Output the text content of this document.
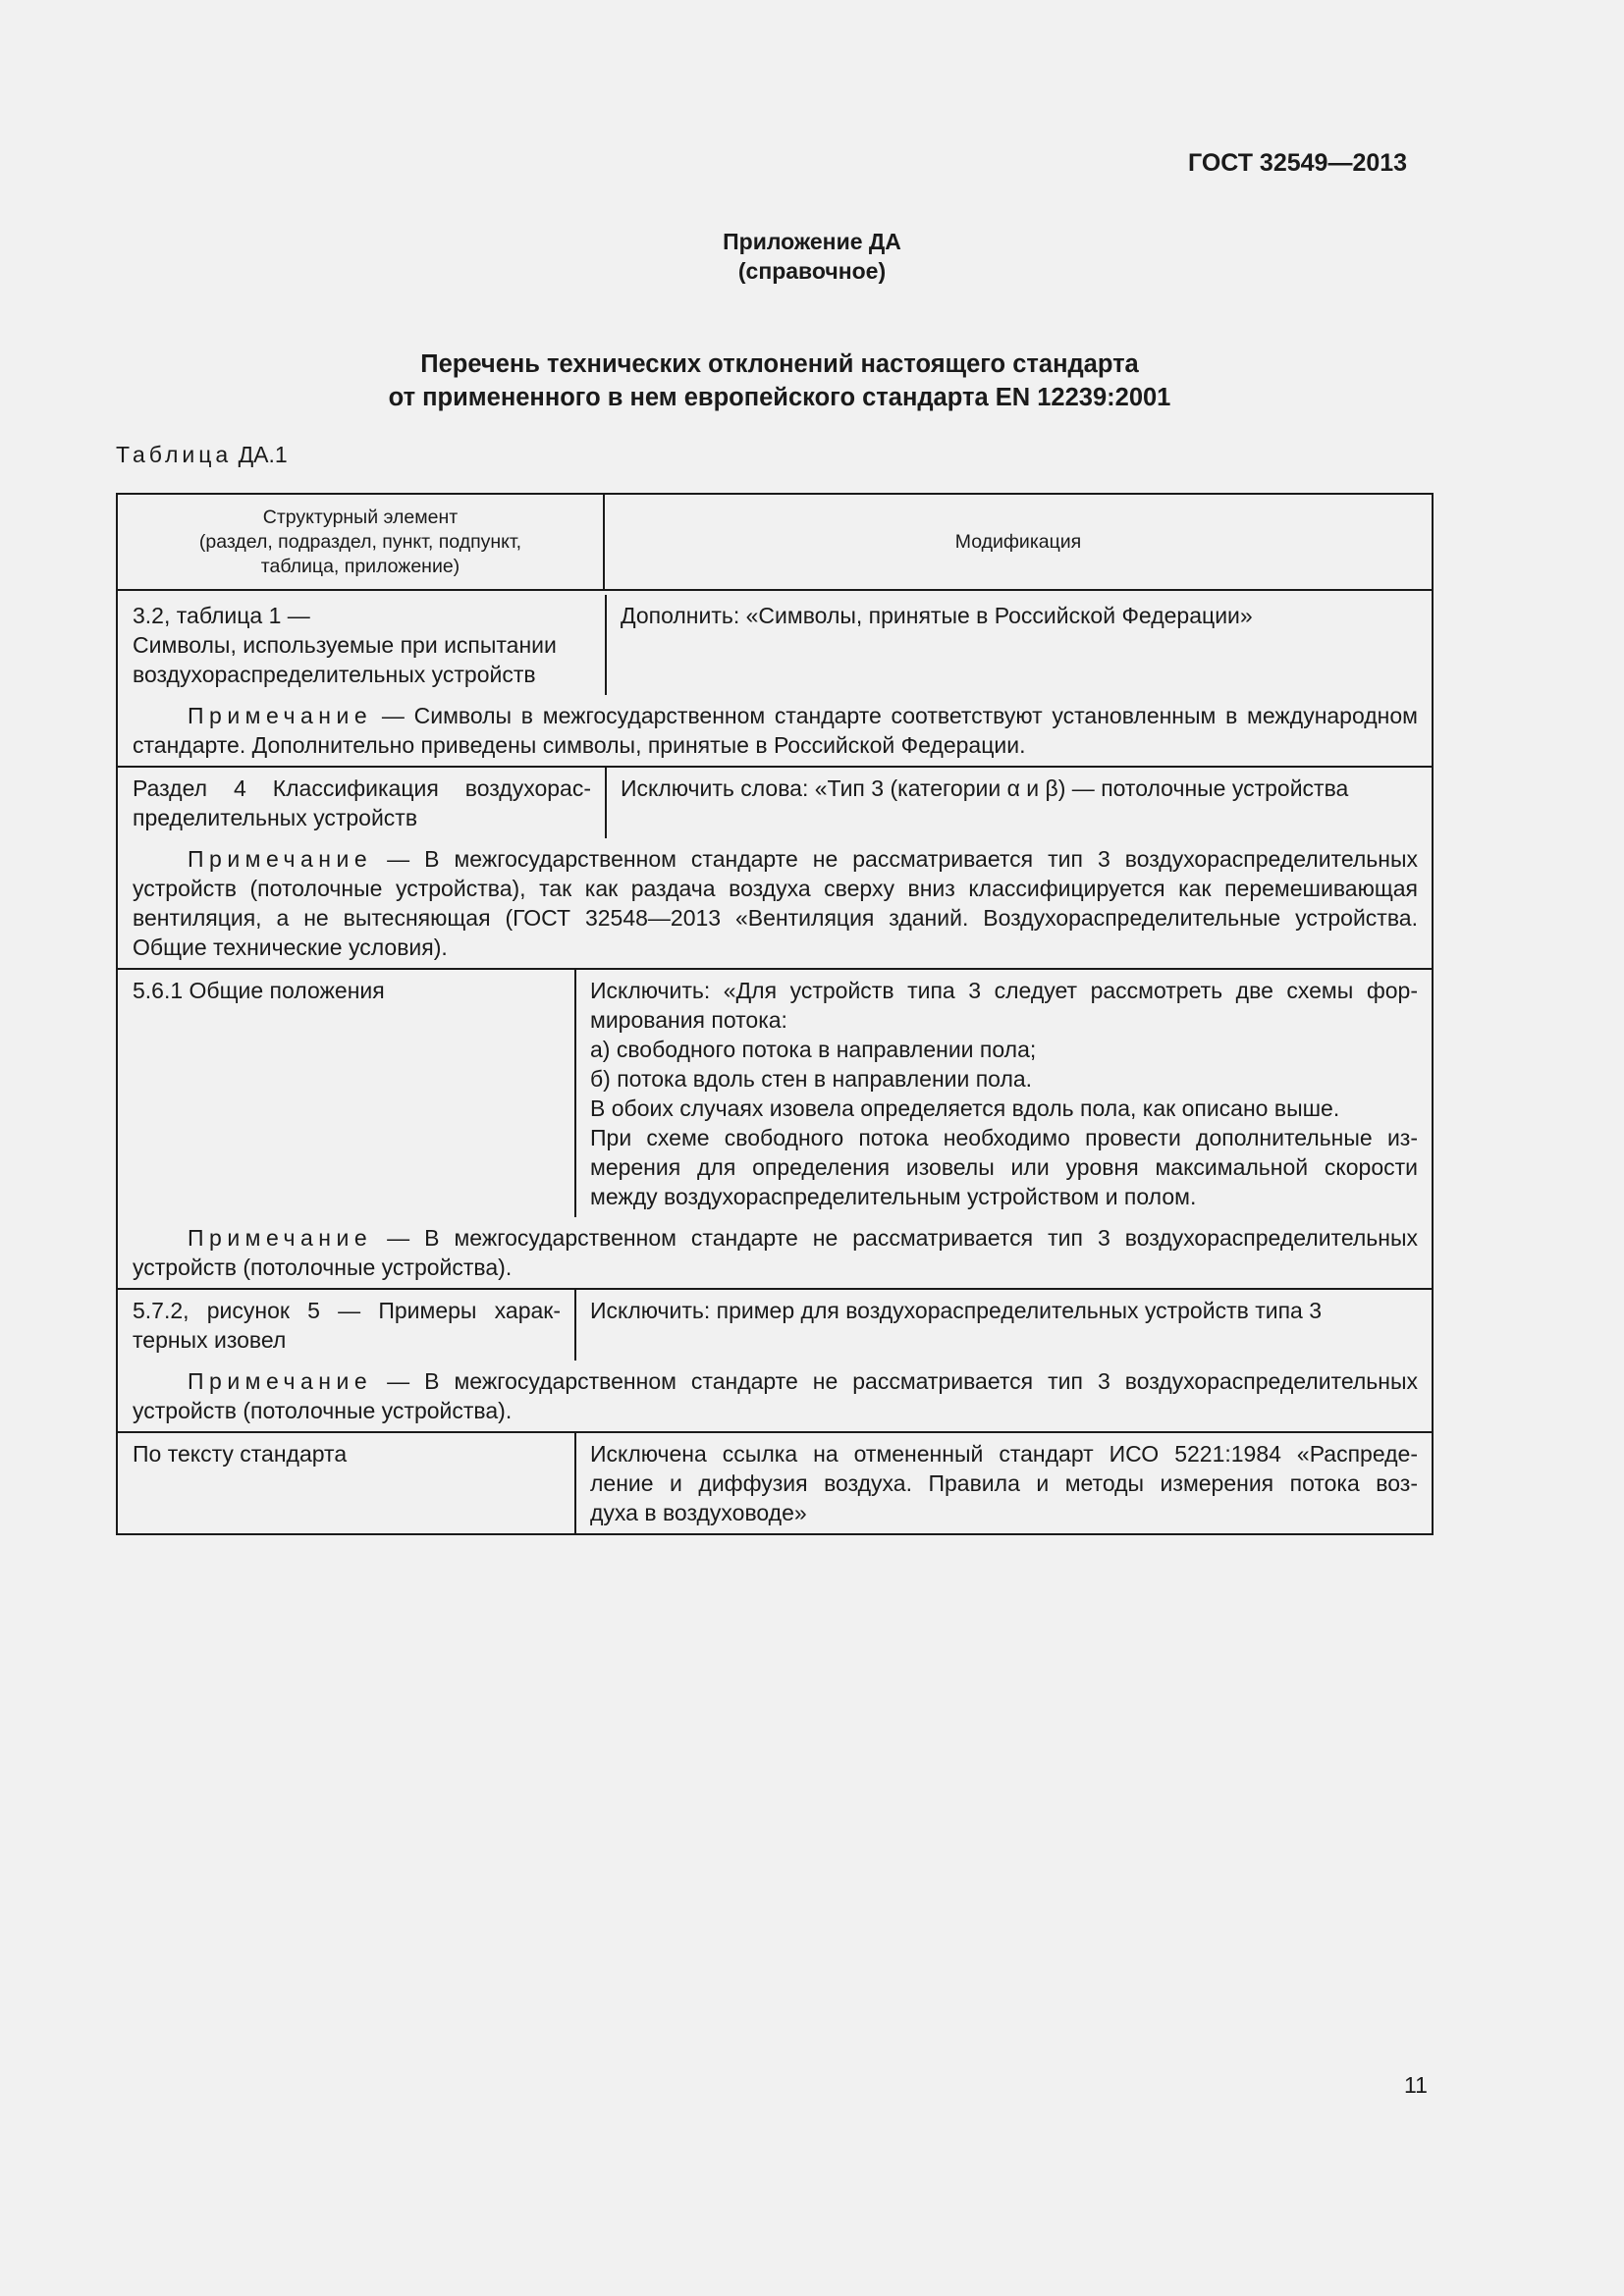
ГОСТ 32549—2013
Приложение ДА
(справочное)
Перечень технических отклонений настоящего стандарта
от примененного в нем европейского стандарта EN 12239:2001
Таблица ДА.1
Структурный элемент
(раздел, подраздел, пункт, подпункт,
таблица, приложение)
Модификация
3.2, таблица 1 —
Символы, используемые при испытании
воздухораспределительных устройств
Дополнить: «Символы, принятые в Российской Федерации»
Примечание — Символы в межгосударственном стандарте соответствуют установленным в международном стандарте. Дополнительно приведены символы, принятые в Российской Федерации.
Раздел 4 Классификация воздухорас-
пределительных устройств
Исключить слова: «Тип 3 (категории α и β) — потолочные устройства
Примечание — В межгосударственном стандарте не рассматривается тип 3 воздухораспределительных устройств (потолочные устройства), так как раздача воздуха сверху вниз классифицируется как перемешивающая вентиляция, а не вытесняющая (ГОСТ 32548—2013 «Вентиляция зданий. Воздухораспределительные устройства. Общие технические условия).
5.6.1 Общие положения	Исключить: «Для устройств типа 3 следует рассмотреть две схемы фор-
мирования потока:
а) свободного потока в направлении пола;
б) потока вдоль стен в направлении пола.
В обоих случаях изовела определяется вдоль пола, как описано выше.
При схеме свободного потока необходимо провести дополнительные из-
мерения для определения изовелы или уровня максимальной скорости
между воздухораспределительным устройством и полом.
Примечание — В межгосударственном стандарте не рассматривается тип 3 воздухораспределительных устройств (потолочные устройства).
5.7.2, рисунок 5 — Примеры харак-
терных изовел
Исключить: пример для воздухораспределительных устройств типа 3
Примечание — В межгосударственном стандарте не рассматривается тип 3 воздухораспределительных устройств (потолочные устройства).
По тексту стандарта	Исключена ссылка на отмененный стандарт ИСО 5221:1984 «Распреде-
ление и диффузия воздуха. Правила и методы измерения потока воз-
духа в воздуховоде»
11
